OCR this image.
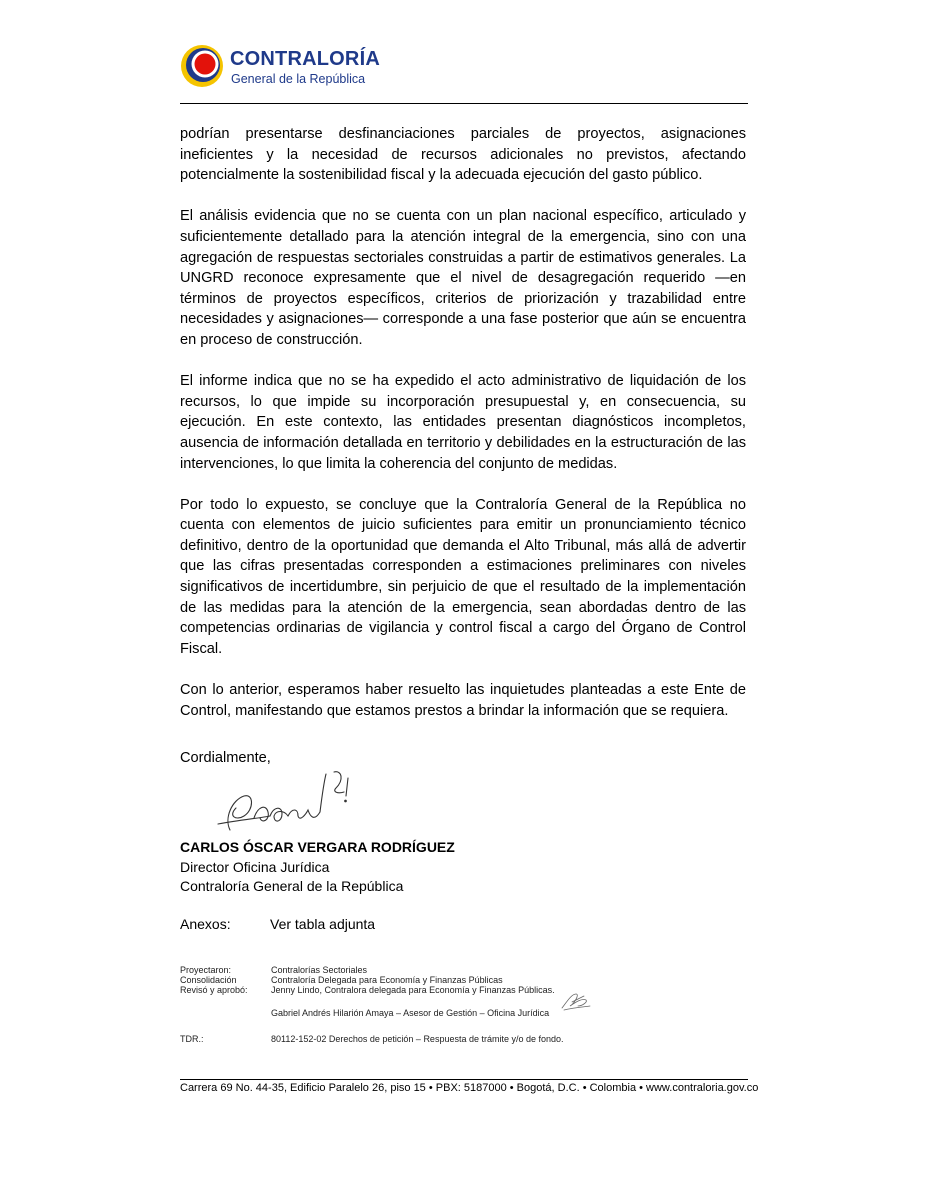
CONTRALORÍA
General de la República

podrían presentarse desfinanciaciones parciales de proyectos, asignaciones ineficientes y la necesidad de recursos adicionales no previstos, afectando potencialmente la sostenibilidad fiscal y la adecuada ejecución del gasto público.

El análisis evidencia que no se cuenta con un plan nacional específico, articulado y suficientemente detallado para la atención integral de la emergencia, sino con una agregación de respuestas sectoriales construidas a partir de estimativos generales. La UNGRD reconoce expresamente que el nivel de desagregación requerido —en términos de proyectos específicos, criterios de priorización y trazabilidad entre necesidades y asignaciones— corresponde a una fase posterior que aún se encuentra en proceso de construcción.

El informe indica que no se ha expedido el acto administrativo de liquidación de los recursos, lo que impide su incorporación presupuestal y, en consecuencia, su ejecución. En este contexto, las entidades presentan diagnósticos incompletos, ausencia de información detallada en territorio y debilidades en la estructuración de las intervenciones, lo que limita la coherencia del conjunto de medidas.

Por todo lo expuesto, se concluye que la Contraloría General de la República no cuenta con elementos de juicio suficientes para emitir un pronunciamiento técnico definitivo, dentro de la oportunidad que demanda el Alto Tribunal, más allá de advertir que las cifras presentadas corresponden a estimaciones preliminares con niveles significativos de incertidumbre, sin perjuicio de que el resultado de la implementación de las medidas para la atención de la emergencia, sean abordadas dentro de las competencias ordinarias de vigilancia y control fiscal a cargo del Órgano de Control Fiscal.

Con lo anterior, esperamos haber resuelto las inquietudes planteadas a este Ente de Control, manifestando que estamos prestos a brindar la información que se requiera.

Cordialmente,
CARLOS ÓSCAR VERGARA RODRÍGUEZ
Director Oficina Jurídica
Contraloría General de la República
Anexos:	Ver tabla adjunta
Proyectaron:	Contralorías Sectoriales
Consolidación	Contraloría Delegada para Economía y Finanzas Públicas
Revisó y aprobó:	Jenny Lindo, Contralora delegada para Economía y Finanzas Públicas.
Gabriel Andrés Hilarión Amaya – Asesor de Gestión – Oficina Jurídica
TDR.:	80112-152-02 Derechos de petición – Respuesta de trámite y/o de fondo.
Carrera 69 No. 44-35, Edificio Paralelo 26, piso 15 • PBX: 5187000 • Bogotá, D.C. • Colombia • www.contraloria.gov.co
